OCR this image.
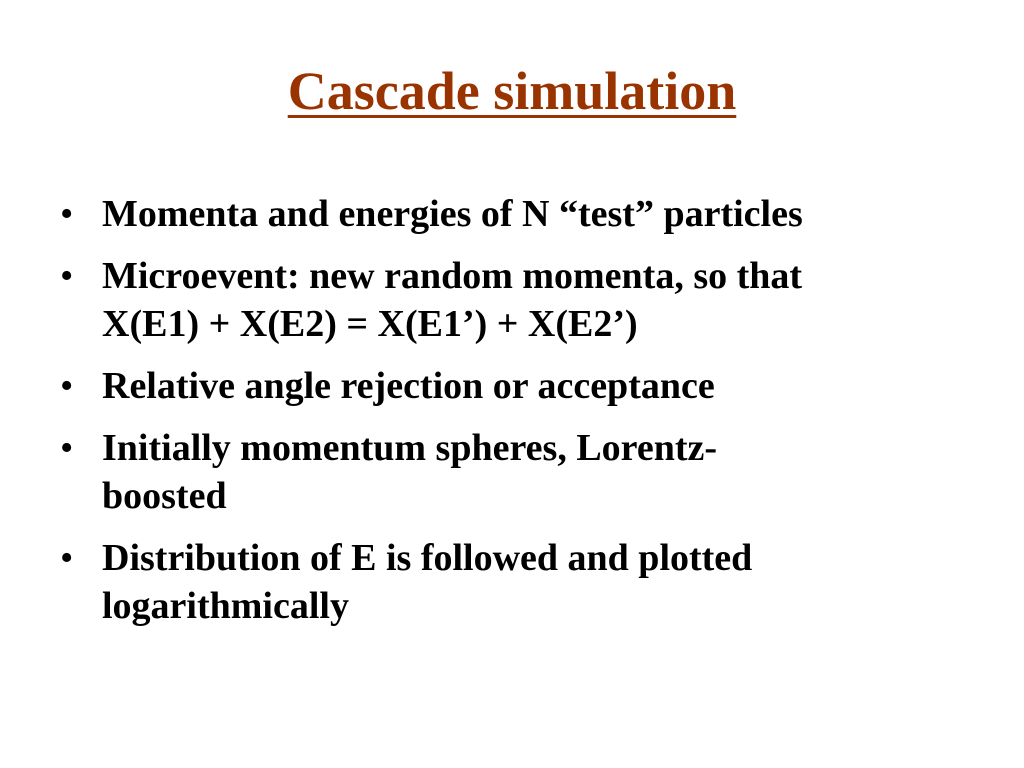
Cascade simulation
• Momenta and energies of N “test” particles
• Microevent: new random momenta, so that
X(E1) + X(E2) = X(E1’) + X(E2’)
• Relative angle rejection or acceptance
• Initially momentum spheres, Lorentz-
boosted
• Distribution of E is followed and plotted
logarithmically
